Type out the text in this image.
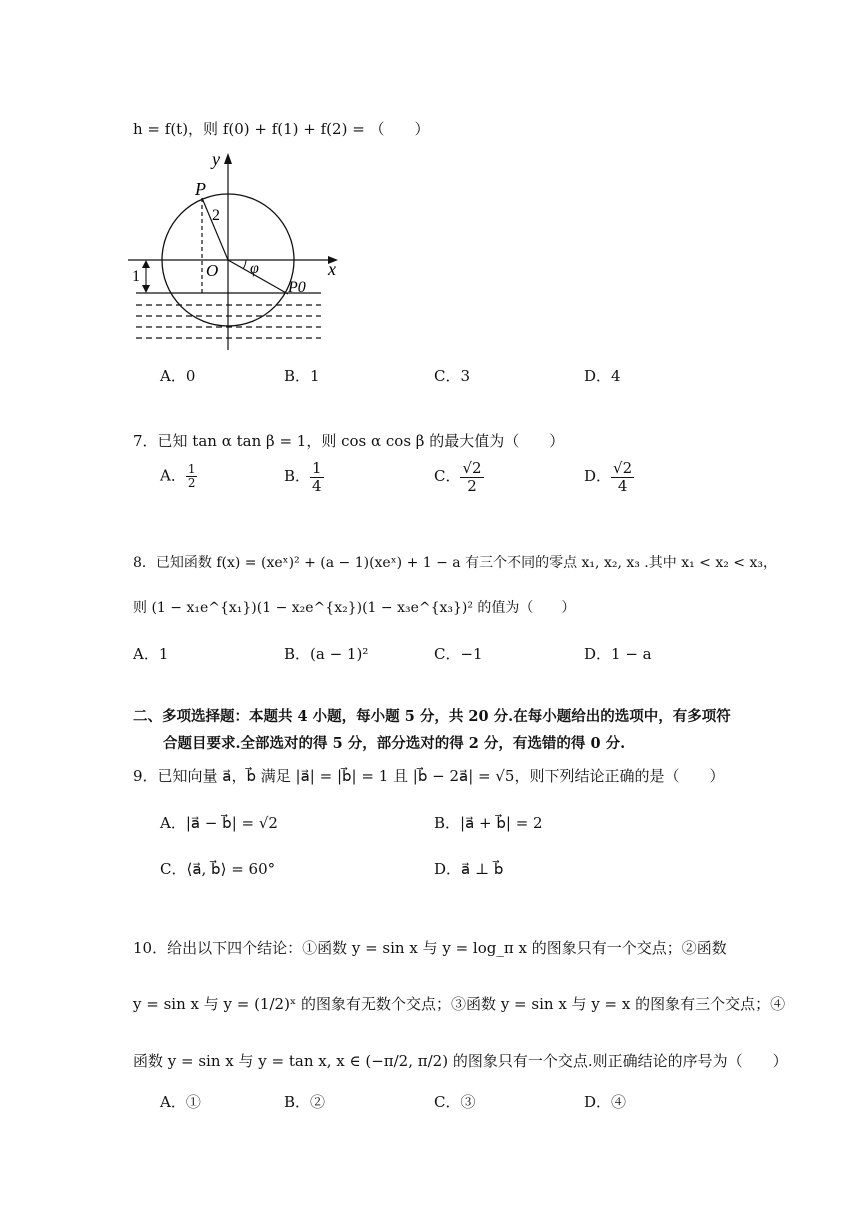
h = f(t)，则 f(0) + f(1) + f(2) = （　　）
y
x
P
2
O φ
P0
1
A．0	B．1	C．3	D．4
7．已知 tan α tan β = 1，则 cos α cos β 的最大值为（　　）
A． $\frac{1}{2}$	B． $\frac{1}{4}$	C． $\frac{√2}{2}$	D． $\frac{√2}{4}$
8．已知函数 f(x) = (xeˣ)² + (a − 1)(xeˣ) + 1 − a 有三个不同的零点 x₁, x₂, x₃ .其中 x₁ < x₂ < x₃，
则 (1 − x₁e^{x₁})(1 − x₂e^{x₂})(1 − x₃e^{x₃})² 的值为（　　）
A．1	B．(a − 1)²	C．−1	D．1 − a
二、多项选择题：本题共 4 小题，每小题 5 分，共 20 分.在每小题给出的选项中，有多项符
合题目要求.全部选对的得 5 分，部分选对的得 2 分，有选错的得 0 分.
9．已知向量 a⃗，b⃗ 满足 |a⃗| = |b⃗| = 1 且 |b⃗ − 2a⃗| = √5，则下列结论正确的是（　　）
A．|a⃗ − b⃗| = √2	B．|a⃗ + b⃗| = 2
C．⟨a⃗, b⃗⟩ = 60°	D．a⃗ ⊥ b⃗
10．给出以下四个结论：①函数 y = sin x 与 y = log_π x 的图象只有一个交点；②函数
y = sin x 与 y = (1/2)ˣ 的图象有无数个交点；③函数 y = sin x 与 y = x 的图象有三个交点；④
函数 y = sin x 与 y = tan x, x ∈ (−π/2, π/2) 的图象只有一个交点.则正确结论的序号为（　　）
A．①	B．②	C．③	D．④
